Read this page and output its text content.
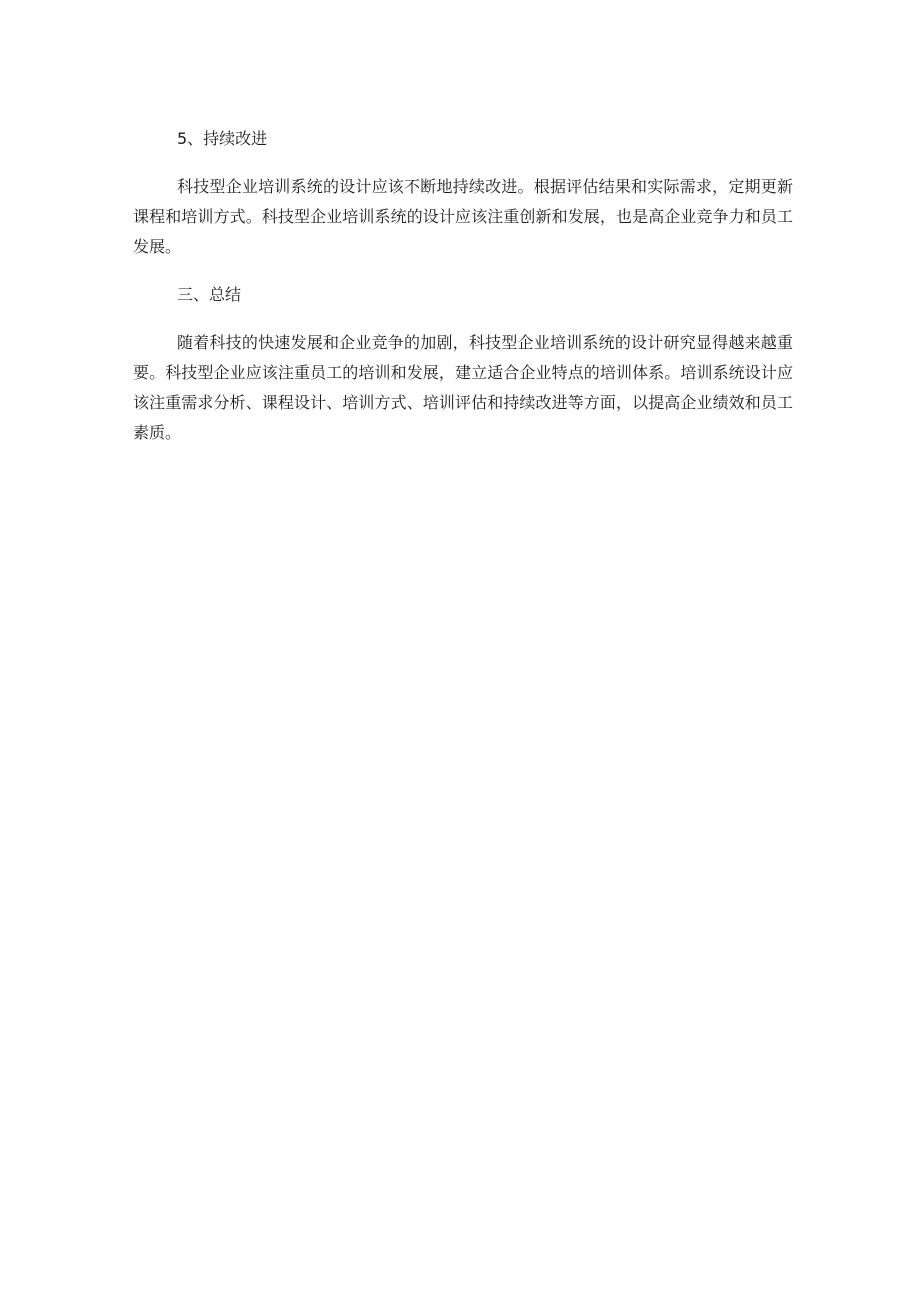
5、持续改进

科技型企业培训系统的设计应该不断地持续改进。根据评估结果和实际需求，定期更新课程和培训方式。科技型企业培训系统的设计应该注重创新和发展，也是高企业竞争力和员工发展。

三、总结

随着科技的快速发展和企业竞争的加剧，科技型企业培训系统的设计研究显得越来越重要。科技型企业应该注重员工的培训和发展，建立适合企业特点的培训体系。培训系统设计应该注重需求分析、课程设计、培训方式、培训评估和持续改进等方面，以提高企业绩效和员工素质。
